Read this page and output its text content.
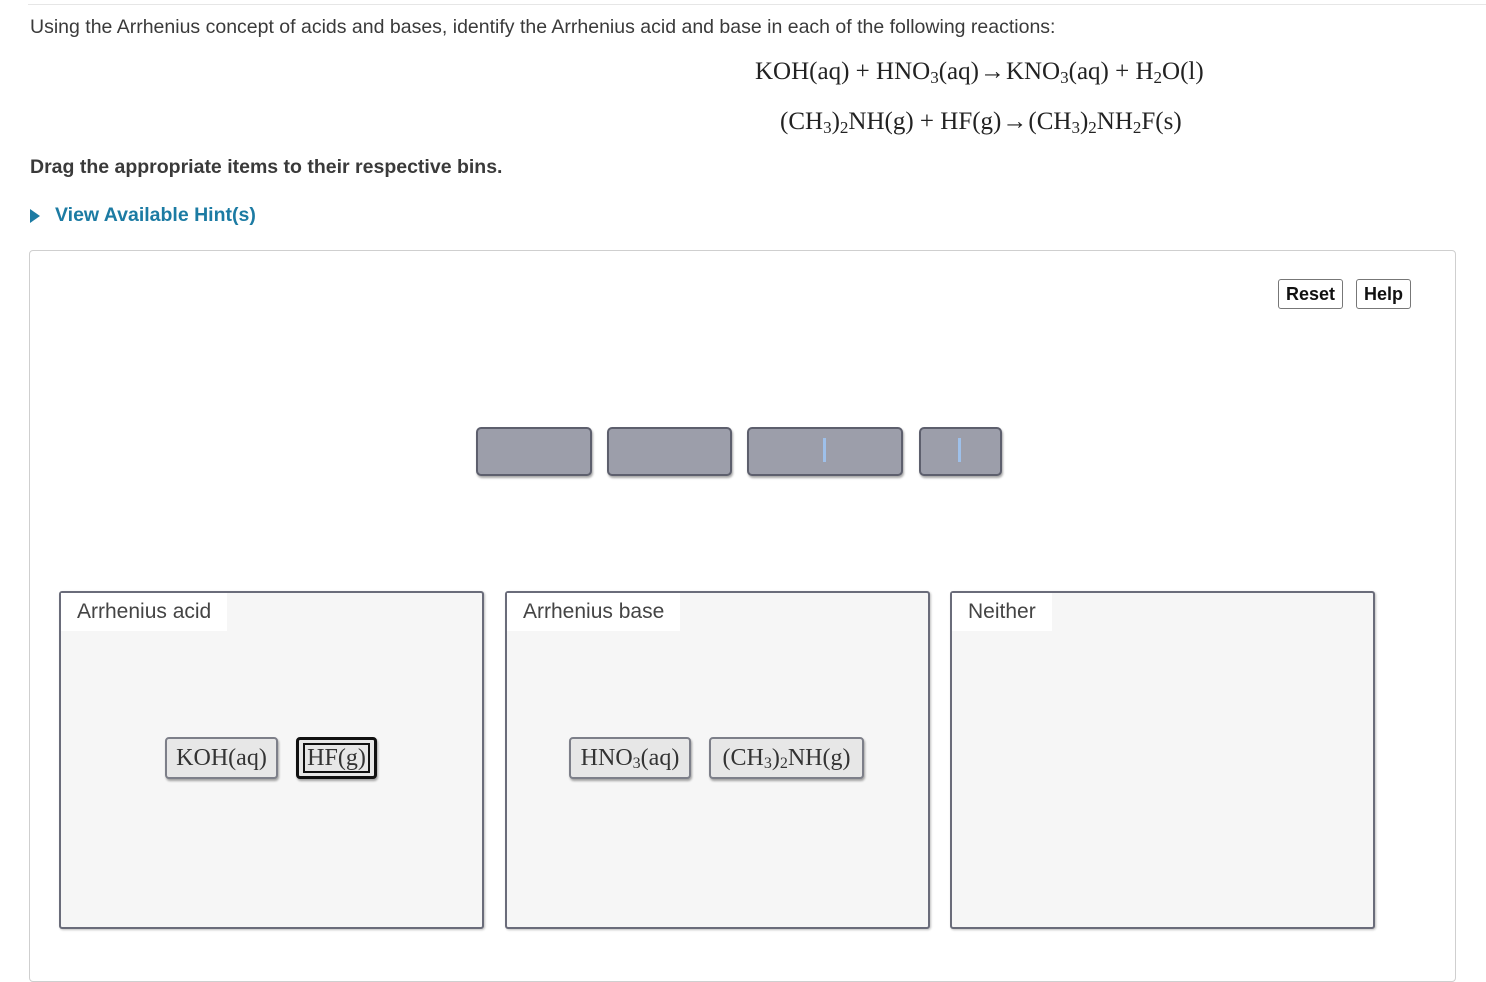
Using the Arrhenius concept of acids and bases, identify the Arrhenius acid and base in each of the following reactions:
$KOH(aq) + HNO_3(aq)\to KNO_3(aq) + H_2O(l)$
$(CH_3)_2NH(g) + HF(g)\to(CH_3)_2NH_2F(s)$
Drag the appropriate items to their respective bins.
View Available Hint(s)
Reset	Help
Arrhenius acid	Arrhenius base	Neither
KOH(aq) HF(g)	$HNO_3(aq)$ $(CH_3)_2NH(g)$
